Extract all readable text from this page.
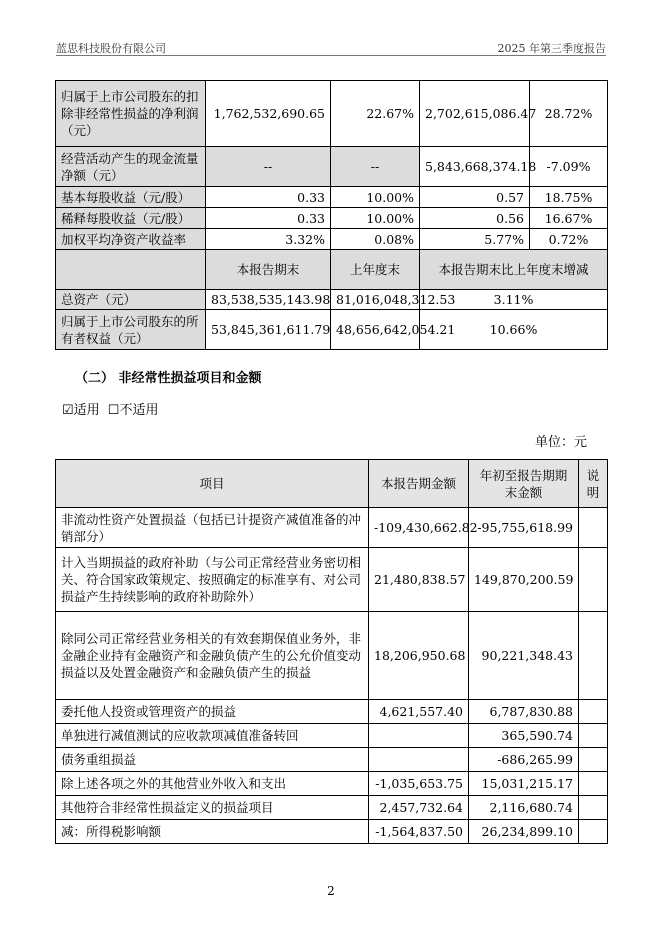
蓝思科技股份有限公司	2025 年第三季度报告
归属于上市公司股东的扣除非经常性损益的净利润（元）	1,762,532,690.65	22.67%	2,702,615,086.47	28.72%
经营活动产生的现金流量净额（元）	--	--	5,843,668,374.18	-7.09%
基本每股收益（元/股）	0.33	10.00%	0.57	18.75%
稀释每股收益（元/股）	0.33	10.00%	0.56	16.67%
加权平均净资产收益率	3.32%	0.08%	5.77%	0.72%
	本报告期末	上年度末	本报告期末比上年度末增减	
总资产（元）	83,538,535,143.98	81,016,048,312.53	3.11%	
归属于上市公司股东的所有者权益（元）	53,845,361,611.79	48,656,642,054.21	10.66%	
（二） 非经常性损益项目和金额
☑适用 ☐不适用
单位：元
项目	本报告期金额	年初至报告期期末金额	说明
非流动性资产处置损益（包括已计提资产减值准备的冲销部分）	-109,430,662.82	-95,755,618.99	
计入当期损益的政府补助（与公司正常经营业务密切相关、符合国家政策规定、按照确定的标准享有、对公司损益产生持续影响的政府补助除外）	21,480,838.57	149,870,200.59	
除同公司正常经营业务相关的有效套期保值业务外，非金融企业持有金融资产和金融负债产生的公允价值变动损益以及处置金融资产和金融负债产生的损益	18,206,950.68	90,221,348.43	
委托他人投资或管理资产的损益	4,621,557.40	6,787,830.88	
单独进行减值测试的应收款项减值准备转回		365,590.74	
债务重组损益		-686,265.99	
除上述各项之外的其他营业外收入和支出	-1,035,653.75	15,031,215.17	
其他符合非经常性损益定义的损益项目	2,457,732.64	2,116,680.74	
减：所得税影响额	-1,564,837.50	26,234,899.10	
2
